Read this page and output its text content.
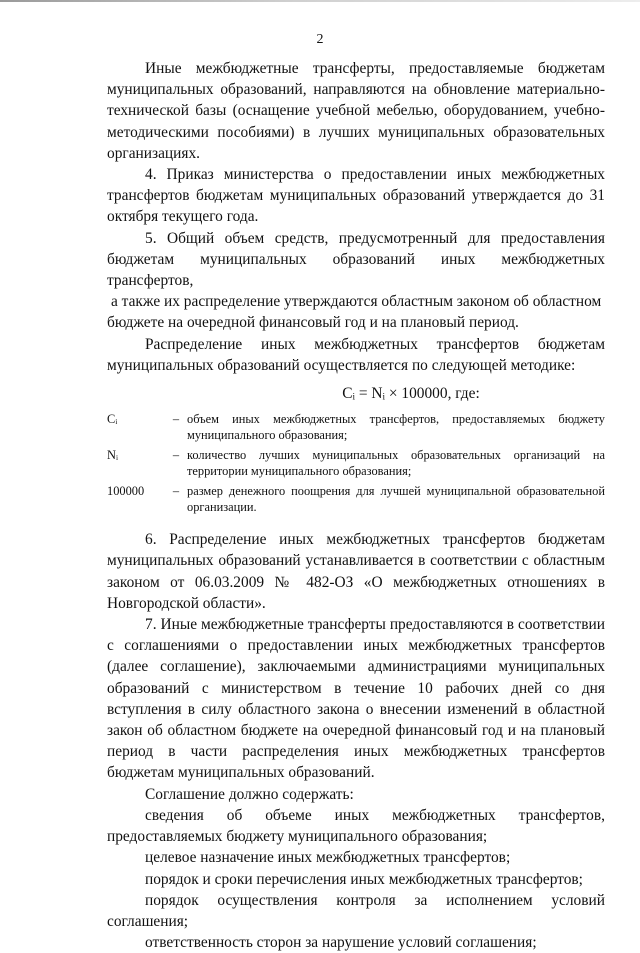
2

Иные межбюджетные трансферты, предоставляемые бюджетам муниципальных образований, направляются на обновление материально-технической базы (оснащение учебной мебелью, оборудованием, учебно-методическими пособиями) в лучших муниципальных образовательных организациях.

4. Приказ министерства о предоставлении иных межбюджетных трансфертов бюджетам муниципальных образований утверждается до 31 октября текущего года.

5. Общий объем средств, предусмотренный для предоставления бюджетам муниципальных образований иных межбюджетных трансфертов,

а также их распределение утверждаются областным законом об областном бюджете на очередной финансовый год и на плановый период.

Распределение иных межбюджетных трансфертов бюджетам муниципальных образований осуществляется по следующей методике:

Cᵢ = Nᵢ × 100000, где:
Cᵢ	– объем иных межбюджетных трансфертов, предоставляемых бюджету муниципального образования;
Nᵢ	– количество лучших муниципальных образовательных организаций на территории муниципального образования;
100000	– размер денежного поощрения для лучшей муниципальной образовательной организации.

6. Распределение иных межбюджетных трансфертов бюджетам муниципальных образований устанавливается в соответствии с областным законом от 06.03.2009 № 482-ОЗ «О межбюджетных отношениях в Новгородской области».

7. Иные межбюджетные трансферты предоставляются в соответствии с соглашениями о предоставлении иных межбюджетных трансфертов (далее соглашение), заключаемыми администрациями муниципальных образований с министерством в течение 10 рабочих дней со дня вступления в силу областного закона о внесении изменений в областной закон об областном бюджете на очередной финансовый год и на плановый период в части распределения иных межбюджетных трансфертов бюджетам муниципальных образований.

Соглашение должно содержать:

сведения об объеме иных межбюджетных трансфертов, предоставляемых бюджету муниципального образования;

целевое назначение иных межбюджетных трансфертов;

порядок и сроки перечисления иных межбюджетных трансфертов;

порядок осуществления контроля за исполнением условий соглашения;

ответственность сторон за нарушение условий соглашения;
